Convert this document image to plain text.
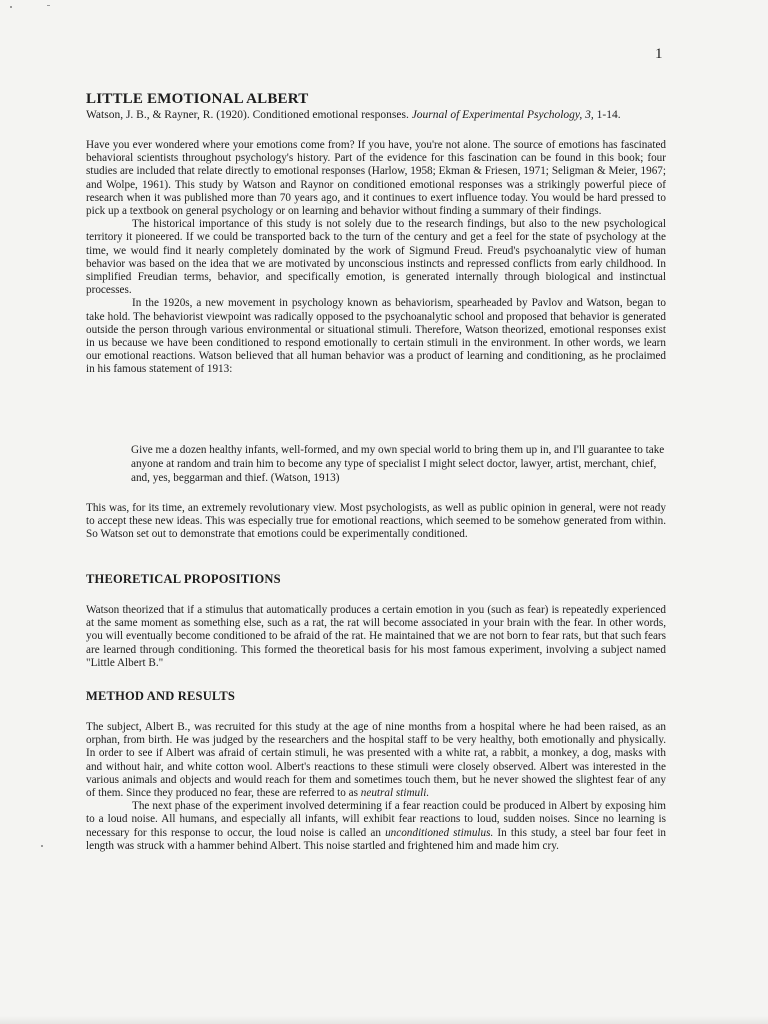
1
LITTLE EMOTIONAL ALBERT
Watson, J. B., & Rayner, R. (1920). Conditioned emotional responses. Journal of Experimental Psychology, 3, 1-14.

Have you ever wondered where your emotions come from? If you have, you're not alone. The source of emotions has fascinated behavioral scientists throughout psychology's history. Part of the evidence for this fascination can be found in this book; four studies are included that relate directly to emotional responses (Harlow, 1958; Ekman & Friesen, 1971; Seligman & Meier, 1967; and Wolpe, 1961). This study by Watson and Raynor on conditioned emotional responses was a strikingly powerful piece of research when it was published more than 70 years ago, and it continues to exert influence today. You would be hard pressed to pick up a textbook on general psychology or on learning and behavior without finding a summary of their findings.

The historical importance of this study is not solely due to the research findings, but also to the new psychological territory it pioneered. If we could be transported back to the turn of the century and get a feel for the state of psychology at the time, we would find it nearly completely dominated by the work of Sigmund Freud. Freud's psychoanalytic view of human behavior was based on the idea that we are motivated by unconscious instincts and repressed conflicts from early childhood. In simplified Freudian terms, behavior, and specifically emotion, is generated internally through biological and instinctual processes.

In the 1920s, a new movement in psychology known as behaviorism, spearheaded by Pavlov and Watson, began to take hold. The behaviorist viewpoint was radically opposed to the psychoanalytic school and proposed that behavior is generated outside the person through various environmental or situational stimuli. Therefore, Watson theorized, emotional responses exist in us because we have been conditioned to respond emotionally to certain stimuli in the environment. In other words, we learn our emotional reactions. Watson believed that all human behavior was a product of learning and conditioning, as he proclaimed in his famous statement of 1913:

Give me a dozen healthy infants, well-formed, and my own special world to bring them up in, and I'll guarantee to take anyone at random and train him to become any type of specialist I might select doctor, lawyer, artist, merchant, chief, and, yes, beggarman and thief. (Watson, 1913)
This was, for its time, an extremely revolutionary view. Most psychologists, as well as public opinion in general, were not ready to accept these new ideas. This was especially true for emotional reactions, which seemed to be somehow generated from within. So Watson set out to demonstrate that emotions could be experimentally conditioned.
THEORETICAL PROPOSITIONS
Watson theorized that if a stimulus that automatically produces a certain emotion in you (such as fear) is repeatedly experienced at the same moment as something else, such as a rat, the rat will become associated in your brain with the fear. In other words, you will eventually become conditioned to be afraid of the rat. He maintained that we are not born to fear rats, but that such fears are learned through conditioning. This formed the theoretical basis for his most famous experiment, involving a subject named "Little Albert B."
METHOD AND RESULTS

The subject, Albert B., was recruited for this study at the age of nine months from a hospital where he had been raised, as an orphan, from birth. He was judged by the researchers and the hospital staff to be very healthy, both emotionally and physically. In order to see if Albert was afraid of certain stimuli, he was presented with a white rat, a rabbit, a monkey, a dog, masks with and without hair, and white cotton wool. Albert's reactions to these stimuli were closely observed. Albert was interested in the various animals and objects and would reach for them and sometimes touch them, but he never showed the slightest fear of any of them. Since they produced no fear, these are referred to as neutral stimuli.

The next phase of the experiment involved determining if a fear reaction could be produced in Albert by exposing him to a loud noise. All humans, and especially all infants, will exhibit fear reactions to loud, sudden noises. Since no learning is necessary for this response to occur, the loud noise is called an unconditioned stimulus. In this study, a steel bar four feet in length was struck with a hammer behind Albert. This noise startled and frightened him and made him cry.
